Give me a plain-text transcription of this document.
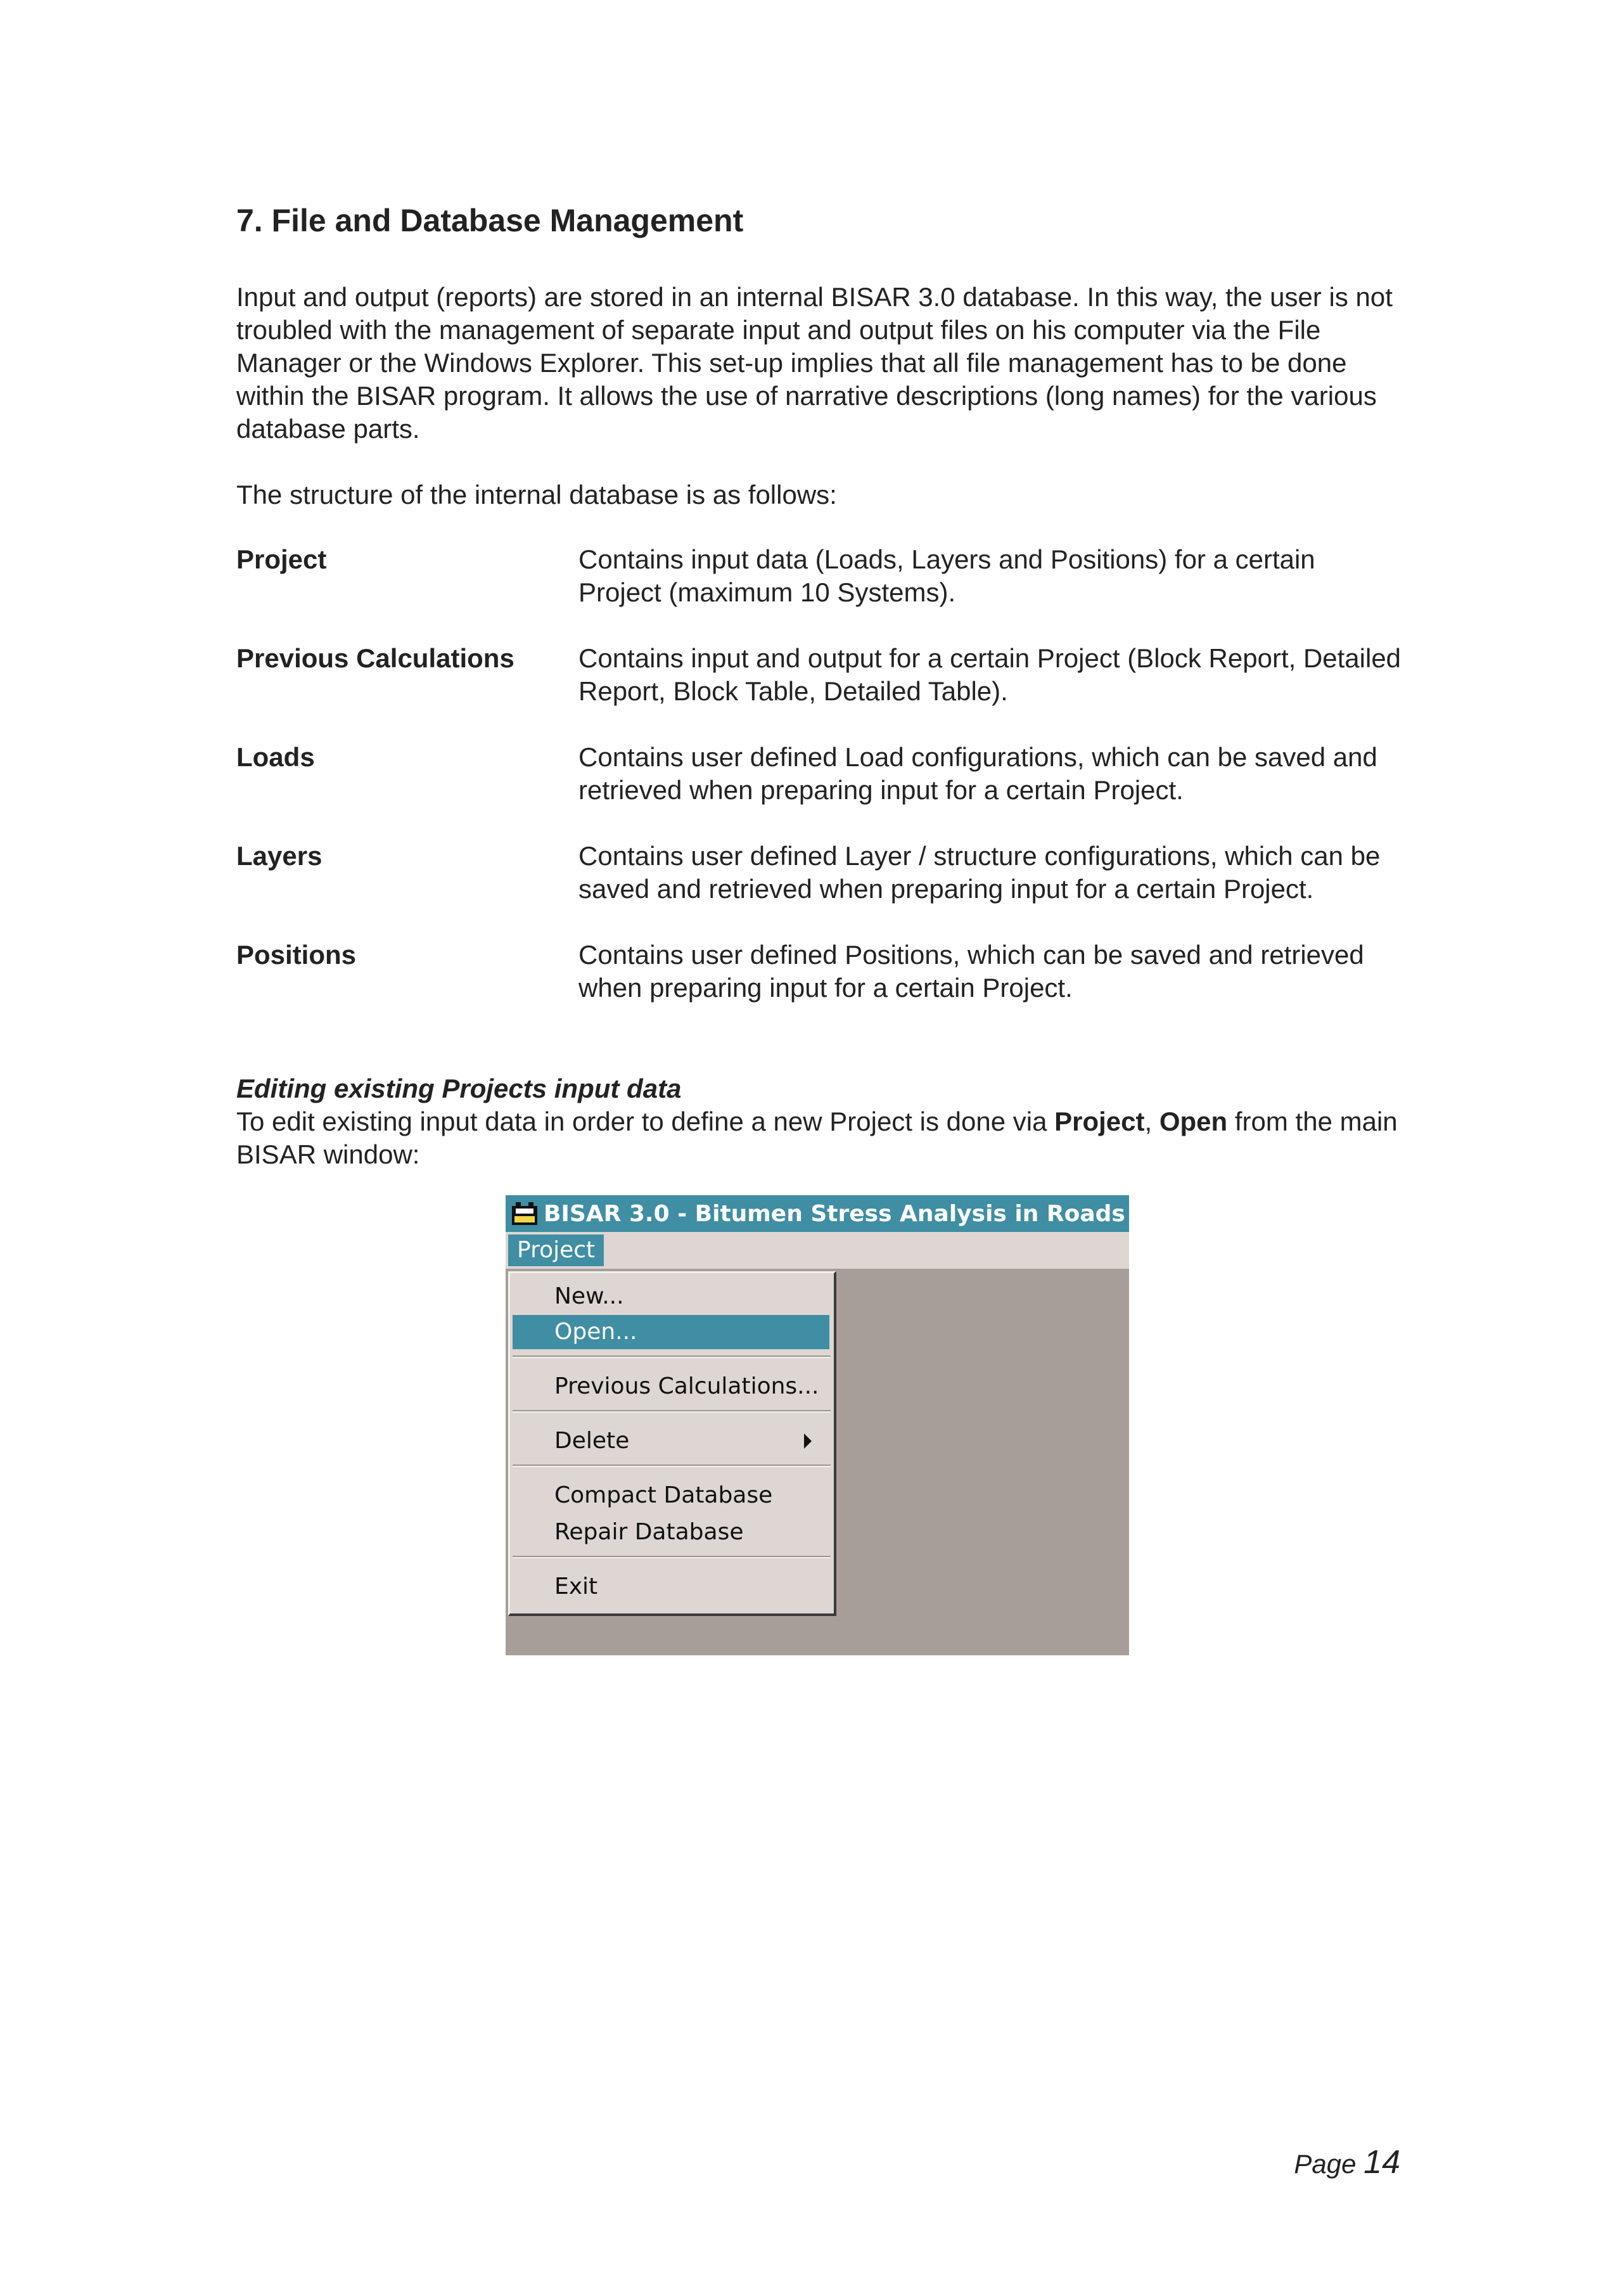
7. File and Database Management

Input and output (reports) are stored in an internal BISAR 3.0 database. In this way, the user is not troubled with the management of separate input and output files on his computer via the File Manager or the Windows Explorer. This set-up implies that all file management has to be done within the BISAR program. It allows the use of narrative descriptions (long names) for the various database parts.

The structure of the internal database is as follows:

Project	Contains input data (Loads, Layers and Positions) for a certain Project (maximum 10 Systems).
Previous Calculations	Contains input and output for a certain Project (Block Report, Detailed Report, Block Table, Detailed Table).
Loads	Contains user defined Load configurations, which can be saved and retrieved when preparing input for a certain Project.
Layers	Contains user defined Layer / structure configurations, which can be saved and retrieved when preparing input for a certain Project.
Positions	Contains user defined Positions, which can be saved and retrieved when preparing input for a certain Project.
Editing existing Projects input data

To edit existing input data in order to define a new Project is done via Project, Open from the main BISAR window:

BISAR 3.0 - Bitumen Stress Analysis in Roads
Project
New...
Open...
Previous Calculations...
Delete
Compact Database
Repair Database
Exit
Page 14
